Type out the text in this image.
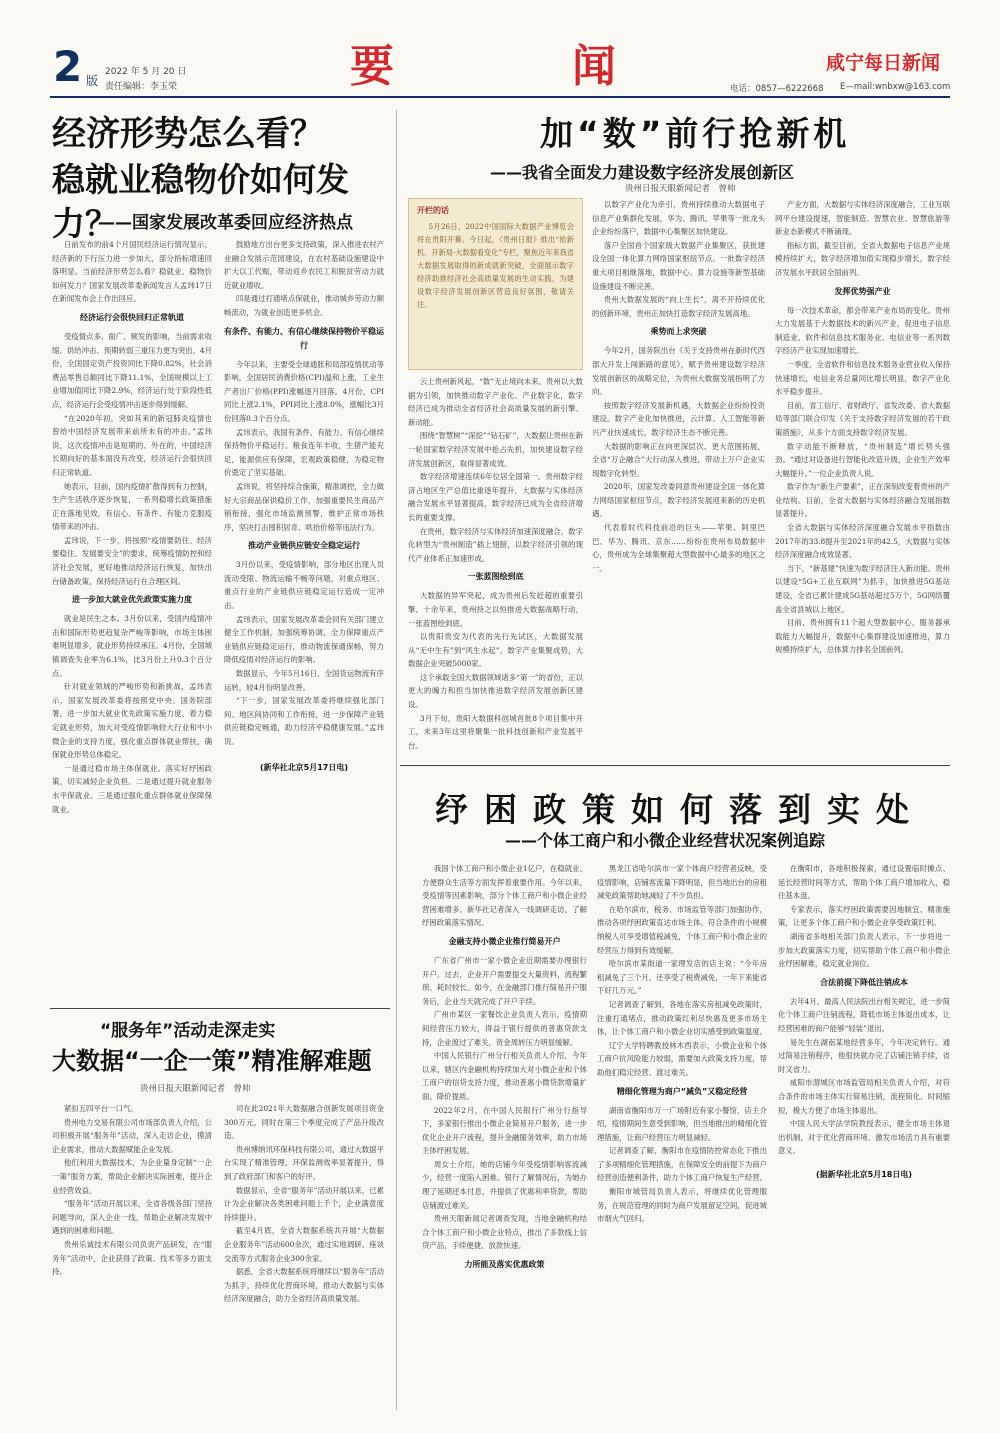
2 版
2022 年 5 月 20 日
责任编辑：李玉荣	要　　闻	咸宁每日新闻
电话：0857—6222668 E—mail:wnbxw@163.com
经济形势怎么看？
稳就业稳物价如何发力？
——国家发展改革委回应经济热点

日前发布的前4个月国民经济运行情况显示，经济新的下行压力进一步加大，部分指标增速回落明显。当前经济形势怎么看？稳就业、稳物价如何发力？国家发展改革委新闻发言人孟玮17日在新闻发布会上作出回应。

经济运行会很快回归正常轨道

受疫情点多、面广、频发的影响，当前需求收缩、供给冲击、预期转弱三重压力更为突出。4月份，全国固定资产投资同比下降0.82%，社会消费品零售总额同比下降11.1%，全国规模以上工业增加值同比下降2.9%，经济运行处于阶段性低点，经济运行会受疫情冲击逐步得到缓解。

“在2020年初，突如其来的新冠肺炎疫情也曾给中国经济发展带来前所未有的冲击。”孟玮说，这次疫情冲击是短期的、外在的，中国经济长期向好的基本面没有改变，经济运行会很快回归正常轨道。

她表示，目前，国内疫情扩散得到有力控制，生产生活秩序逐步恢复，一系列稳增长政策措施正在落地见效，有信心、有条件、有能力克服疫情带来的冲击。

孟玮说，下一步，将按照“疫情要防住、经济要稳住、发展要安全”的要求，统筹疫情防控和经济社会发展，更好地推动经济运行恢复，加快出台储备政策，保持经济运行在合理区间。

进一步加大就业优先政策实施力度

就业是民生之本。3月份以来，受国内疫情冲击和国际形势更趋复杂严峻等影响，市场主体困难明显增多，就业形势持续承压。4月份，全国城镇调查失业率为6.1%，比3月份上升0.3个百分点。

针对就业领域的严峻形势和新挑战，孟玮表示，国家发展改革委将按照党中央、国务院部署，进一步加大就业优先政策实施力度，着力稳定就业形势，加大对受疫情影响较大行业和中小微企业的支持力度，强化重点群体就业帮扶，确保就业形势总体稳定。

一是通过稳市场主体保就业。落实好纾困政策，切实减轻企业负担。二是通过提升就业服务水平保就业。三是通过强化重点群体就业保障保就业。

鼓励地方出台更多支持政策，深入推进农村产业融合发展示范园建设，在农村基础设施建设中扩大以工代赈，带动返乡农民工和脱贫劳动力就近就业增收。

四是通过打通堵点保就业，推动城乡劳动力顺畅流动，为就业创造更多机会。

有条件、有能力、有信心继续保持物价平稳运行

今年以来，主要受全球通胀和局部疫情扰动等影响，全国居民消费价格(CPI)温和上涨，工业生产者出厂价格(PPI)涨幅逐月回落。4月份，CPI同比上涨2.1%，PPI同比上涨8.0%，涨幅比3月份回落0.3个百分点。

孟玮表示，我国有条件、有能力、有信心继续保持物价平稳运行。粮食连年丰收，生猪产能充足，能源供应有保障，宏观政策稳健，为稳定物价奠定了坚实基础。

孟玮说，将坚持综合施策，精准调控，全力做好大宗商品保供稳价工作，加强重要民生商品产销衔接，强化市场监测预警，维护正常市场秩序，坚决打击囤积居奇、哄抬价格等违法行为。

推动产业链供应链安全稳定运行

3月份以来，受疫情影响，部分地区出现人员流动受限、物流运输不畅等问题，对重点地区、重点行业的产业链供应链稳定运行造成一定冲击。

孟玮表示，国家发展改革委会同有关部门建立健全工作机制，加强统筹协调，全力保障重点产业链供应链稳定运行，推动物流保通保畅，努力降低疫情对经济运行的影响。

数据显示，今年5月16日，全国货运物流有序运转，较4月份明显改善。

“下一步，国家发展改革委将继续强化部门间、地区间协同和工作衔接，进一步保障产业链供应链稳定畅通，助力经济平稳健康发展。”孟玮说。

(新华社北京5月17日电)
加“数”前行抢新机
——我省全面发力建设数字经济发展创新区
贵州日报天眼新闻记者　曾帅
开栏的话
5月26日，2022中国国际大数据产业博览会将在贵阳开幕。今日起，《贵州日报》推出“抢新机、开新局·大数据看变化”专栏，聚焦近年来我省大数据发展取得的新成就新突破，全面展示数字经济助推经济社会高质量发展的生动实践，为建设数字经济发展创新区营造良好氛围，敬请关注。

云上贵州新风起，“数”无止境向未来。贵州以大数据为引领，加快推动数字产业化、产业数字化，数字经济已成为推动全省经济社会高质量发展的新引擎、新动能。

围绕“智慧树”“深挖”“钻石矿”，大数据让贵州在新一轮国家数字经济发展中抢占先机，加快建设数字经济发展创新区，取得显著成效。

数字经济增速连续6年位居全国第一。贵州数字经济占地区生产总值比重逐年提升，大数据与实体经济融合发展水平显著提高，数字经济已成为全省经济增长的重要支撑。

在贵州，数字经济与实体经济加速深度融合，数字化转型为“贵州制造”插上翅膀，以数字经济引领的现代产业体系正加速形成。

一张蓝图绘到底

大数据的异军突起，成为贵州后发赶超的重要引擎。十余年来，贵州持之以恒推进大数据战略行动，一张蓝图绘到底。

以贵阳贵安为代表的先行先试区，大数据发展从“无中生有”到“风生水起”。数字产业集聚成势，大数据企业突破5000家。

这个承载全国大数据领域诸多“第一”的省份，正以更大的魄力和担当加快推进数字经济发展创新区建设。

3月下旬，贵阳大数据科创城首批8个项目集中开工，未来3年这里将聚集一批科技创新和产业发展平台。

以数字产业化为牵引，贵州持续推动大数据电子信息产业集群化发展，华为、腾讯、苹果等一批龙头企业纷纷落户，数据中心集聚区加快建设。

落户全国首个国家级大数据产业集聚区，获批建设全国一体化算力网络国家枢纽节点。一批数字经济重大项目相继落地，数据中心、算力设施等新型基础设施建设不断完善。

贵州大数据发展的“向上生长”，离不开持续优化的创新环境，贵州正加快打造数字经济发展高地。

乘势而上求突破

今年2月，国务院出台《关于支持贵州在新时代西部大开发上闯新路的意见》，赋予贵州建设数字经济发展创新区的战略定位，为贵州大数据发展指明了方向。

按照数字经济发展新机遇，大数据企业纷纷投资建设。数字产业化加快推进，云计算、人工智能等新兴产业快速成长，数字经济生态不断完善。

大数据的影响正在向更深层次、更大范围拓展，全省“万企融合”大行动深入推进，带动上万户企业实现数字化转型。

2020年，国家发改委同意贵州建设全国一体化算力网络国家枢纽节点，数字经济发展迎来新的历史机遇。

代表着时代科技前沿的巨头——苹果、阿里巴巴、华为、腾讯、京东……纷纷在贵州布局数据中心，贵州成为全球集聚超大型数据中心最多的地区之一。

产业方面，大数据与实体经济深度融合，工业互联网平台建设提速，智能制造、智慧农业、智慧旅游等新业态新模式不断涌现。

指标方面，截至目前，全省大数据电子信息产业规模持续扩大，数字经济增加值实现稳步增长，数字经济发展水平跃居全国前列。

发挥优势强产业

每一次技术革命，都会带来产业布局的变化。贵州大力发展基于大数据技术的新兴产业，促进电子信息制造业、软件和信息技术服务业、电信业等一系列数字经济产业实现加速增长。

一季度，全省软件和信息技术服务业营业收入保持快速增长，电信业务总量同比增长明显，数字产业化水平稳步提升。

目前，省工信厅、省财政厅、省发改委、省大数据局等部门联合印发《关于支持数字经济发展的若干政策措施》，从多个方面支持数字经济发展。

数字动能不断释放，“贵州制造”增长势头强劲。“通过对设备进行智能化改造升级，企业生产效率大幅提升。”一位企业负责人说。

数字作为“新生产要素”，正在深刻改变着贵州的产业结构。目前，全省大数据与实体经济融合发展指数显著提升。

全省大数据与实体经济深度融合发展水平指数由2017年的33.8提升至2021年的42.5，大数据与实体经济深度融合成效显著。

当下，“新基建”快速为数字经济注入新动能。贵州以建设“5G+工业互联网”为抓手，加快推进5G基站建设，全省已累计建成5G基站超过5万个，5G网络覆盖全省县城以上地区。

目前，贵州拥有11个超大型数据中心，服务器承载能力大幅提升，数据中心集群建设加速推进，算力规模持续扩大，总体算力排名全国前列。

纾困政策如何落到实处
——个体工商户和小微企业经营状况案例追踪

我国个体工商户和小微企业1亿户，在稳就业、方便群众生活等方面发挥着重要作用。今年以来，受疫情等因素影响，部分个体工商户和小微企业经营困难增多。新华社记者深入一线调研走访，了解纾困政策落实情况。

金融支持小微企业推行简易开户

广东省广州市一家小微企业近期需要办理银行开户。过去，企业开户需要提交大量资料，流程繁琐、耗时较长。如今，在金融部门推行简易开户服务后，企业当天就完成了开户手续。

广州市某区一家餐饮企业负责人表示，疫情期间经营压力较大，得益于银行提供的普惠贷款支持，企业渡过了难关，资金周转压力明显缓解。

中国人民银行广州分行相关负责人介绍，今年以来，辖区内金融机构持续加大对小微企业和个体工商户的信贷支持力度，推动普惠小微贷款增量扩面、降价提质。

2022年2月，在中国人民银行广州分行指导下，多家银行推出小微企业简易开户服务，进一步优化企业开户流程，提升金融服务效率，助力市场主体纾困发展。

周女士介绍，她的店铺今年受疫情影响客流减少，经营一度陷入困难。银行了解情况后，为她办理了延期还本付息，并提供了优惠利率贷款，帮助店铺渡过难关。

贵州天眼新闻记者调查发现，当地金融机构结合个体工商户和小微企业特点，推出了多款线上信贷产品，手续便捷、放款快速。

力所能及落实优惠政策

黑龙江省哈尔滨市一家个体商户经营者反映，受疫情影响，店铺客流量下降明显，但当地出台的房租减免政策帮助她减轻了不少负担。

在哈尔滨市，税务、市场监管等部门加强协作，推动各项纾困政策直达市场主体。符合条件的小规模纳税人可享受增值税减免，个体工商户和小微企业的经营压力得到有效缓解。

哈尔滨市某街道一家理发店的店主说：“今年房租减免了三个月，还享受了税费减免，一年下来能省下好几万元。”

记者调查了解到，各地在落实房租减免政策时，注重打通堵点，推动政策红利尽快惠及更多市场主体，让个体工商户和小微企业切实感受到政策温度。

辽宁大学特聘教授林木西表示，小微企业和个体工商户抗风险能力较弱，需要加大政策支持力度，帮助他们稳定经营、渡过难关。

精细化管理为商户“减负”又稳定经营

湖南省衡阳市万一广场附近有家小餐馆，店主介绍，疫情期间生意受到影响，但当地推出的精细化管理措施，让商户经营压力明显减轻。

记者调查了解，衡阳市在疫情防控常态化下推出了多项精细化管理措施，在保障安全的前提下为商户经营创造便利条件，助力个体工商户恢复生产经营。

衡阳市城管局负责人表示，将继续优化管理服务，在规范管理的同时为商户发展留足空间，促进城市烟火气回归。

在衡阳市，各地积极探索，通过设置临时摊点、延长经营时间等方式，帮助个体工商户增加收入，稳住基本盘。

专家表示，落实纾困政策需要因地制宜、精准施策，让更多个体工商户和小微企业享受政策红利。

湖南省多地相关部门负责人表示，下一步将进一步加大政策落实力度，切实帮助个体工商户和小微企业纾困解难，稳定就业岗位。

合法前提下降低注销成本

去年4月，最高人民法院出台相关规定，进一步简化个体工商户注销流程，降低市场主体退出成本，让经营困难的商户能够“轻装”退出。

易先生在湖南某地经营多年，今年决定转行。通过简易注销程序，他很快就办完了店铺注销手续，省时又省力。

咸阳市渭城区市场监管局相关负责人介绍，对符合条件的市场主体实行简易注销，流程简化、时间缩短，极大方便了市场主体退出。

中国人民大学法学院教授表示，健全市场主体退出机制，对于优化营商环境、激发市场活力具有重要意义。

(据新华社北京5月18日电)
“服务年”活动走深走实
大数据“一企一策”精准解难题
贵州日报天眼新闻记者　曾帅

紧扣五四平台一口气。

贵州电力交易有限公司市场部负责人介绍，公司积极开展“服务年”活动，深入走访企业，摸清企业需求，推动大数据赋能企业发展。

他们利用大数据技术，为企业量身定制“一企一策”服务方案，帮助企业解决实际困难，提升企业经营效益。

“服务年”活动开展以来，全省各级各部门坚持问题导向，深入企业一线，帮助企业解决发展中遇到的困难和问题。

贵州乐诚技术有限公司负责产品研发，在“服务年”活动中，企业获得了政策、技术等多方面支持。

司在此2021年大数据融合创新发展项目资金300万元，同时在第三个季度完成了产品升级改造。

贵州博纳讯环保科技有限公司，通过大数据平台实现了精准管理，环保监测效率显著提升，得到了政府部门和客户的好评。

数据显示，全省“服务年”活动开展以来，已累计为企业解决各类困难问题上千个，企业满意度持续提升。

截至4月底，全省大数据系统共开展“大数据企业服务年”活动600余次，通过实地调研、座谈交流等方式服务企业300余家。

据悉，全省大数据系统将继续以“服务年”活动为抓手，持续优化营商环境，推动大数据与实体经济深度融合，助力全省经济高质量发展。
